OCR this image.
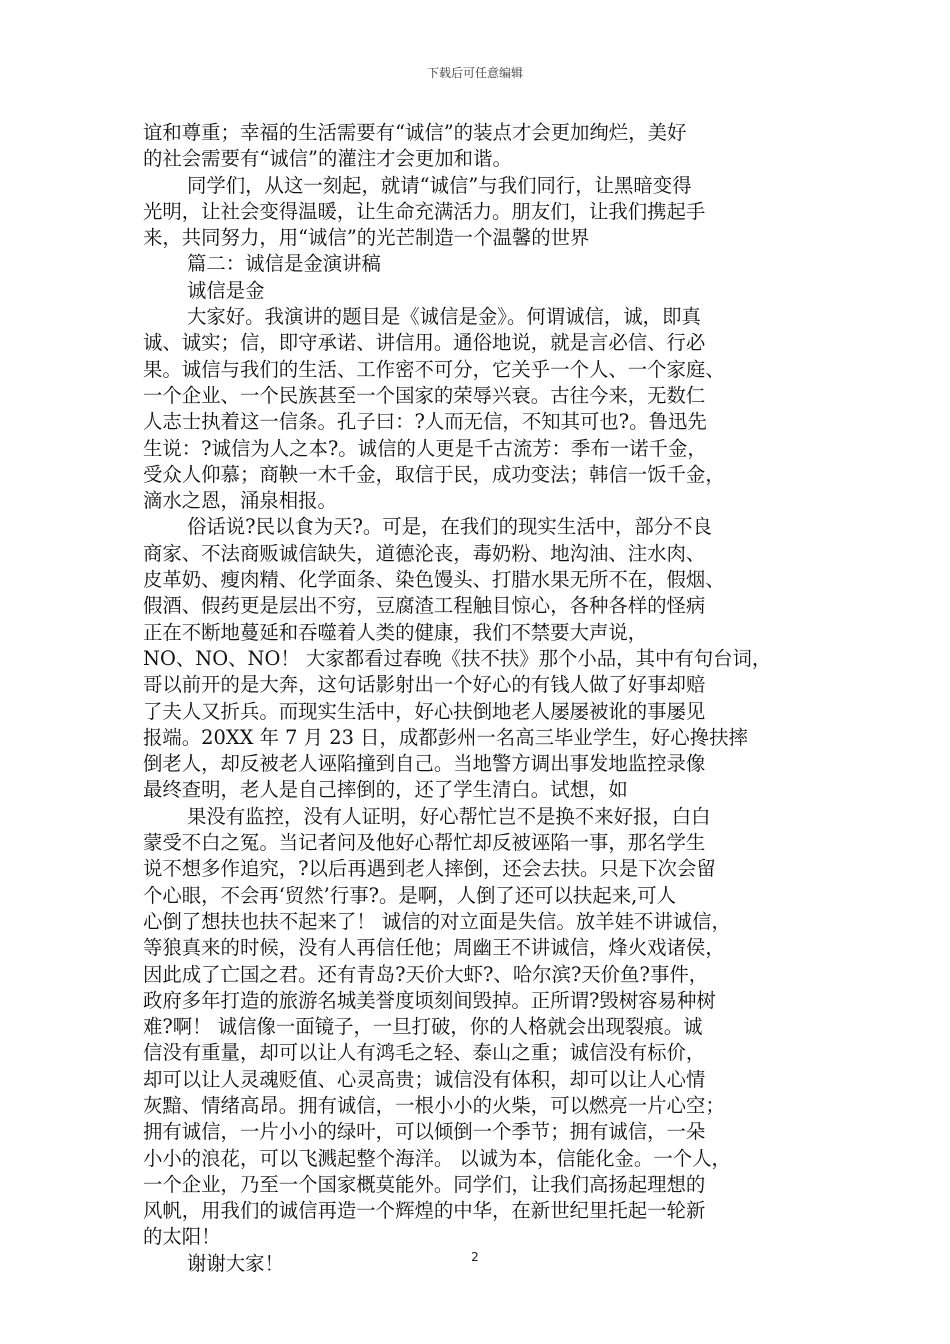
下载后可任意编辑
谊和尊重；幸福的生活需要有“诚信”的装点才会更加绚烂，美好
的社会需要有“诚信”的灌注才会更加和谐。
同学们，从这一刻起，就请“诚信”与我们同行，让黑暗变得
光明，让社会变得温暖，让生命充满活力。朋友们，让我们携起手
来，共同努力，用“诚信”的光芒制造一个温馨的世界
篇二：诚信是金演讲稿
诚信是金
大家好。我演讲的题目是《诚信是金》。何谓诚信，诚，即真
诚、诚实；信，即守承诺、讲信用。通俗地说，就是言必信、行必
果。诚信与我们的生活、工作密不可分，它关乎一个人、一个家庭、
一个企业、一个民族甚至一个国家的荣辱兴衰。古往今来，无数仁
人志士执着这一信条。孔子曰：?人而无信，不知其可也?。鲁迅先
生说：?诚信为人之本?。诚信的人更是千古流芳：季布一诺千金，
受众人仰慕；商鞅一木千金，取信于民，成功变法；韩信一饭千金，
滴水之恩，涌泉相报。
俗话说?民以食为天?。可是，在我们的现实生活中，部分不良
商家、不法商贩诚信缺失，道德沦丧，毒奶粉、地沟油、注水肉、
皮革奶、瘦肉精、化学面条、染色馒头、打腊水果无所不在，假烟、
假酒、假药更是层出不穷，豆腐渣工程触目惊心，各种各样的怪病
正在不断地蔓延和吞噬着人类的健康，我们不禁要大声说，
NO、NO、NO！ 大家都看过春晚《扶不扶》那个小品，其中有句台词，
哥以前开的是大奔，这句话影射出一个好心的有钱人做了好事却赔
了夫人又折兵。而现实生活中，好心扶倒地老人屡屡被讹的事屡见
报端。20XX 年 7 月 23 日，成都彭州一名高三毕业学生，好心搀扶摔
倒老人，却反被老人诬陷撞到自己。当地警方调出事发地监控录像
最终查明，老人是自己摔倒的，还了学生清白。试想，如
果没有监控，没有人证明，好心帮忙岂不是换不来好报，白白
蒙受不白之冤。当记者问及他好心帮忙却反被诬陷一事，那名学生
说不想多作追究，?以后再遇到老人摔倒，还会去扶。只是下次会留
个心眼，不会再‘贸然’行事?。是啊，人倒了还可以扶起来,可人
心倒了想扶也扶不起来了！ 诚信的对立面是失信。放羊娃不讲诚信，
等狼真来的时候，没有人再信任他；周幽王不讲诚信，烽火戏诸侯，
因此成了亡国之君。还有青岛?天价大虾?、哈尔滨?天价鱼?事件，
政府多年打造的旅游名城美誉度顷刻间毁掉。正所谓?毁树容易种树
难?啊！ 诚信像一面镜子，一旦打破，你的人格就会出现裂痕。诚
信没有重量，却可以让人有鸿毛之轻、泰山之重；诚信没有标价，
却可以让人灵魂贬值、心灵高贵；诚信没有体积，却可以让人心情
灰黯、情绪高昂。拥有诚信，一根小小的火柴，可以燃亮一片心空；
拥有诚信，一片小小的绿叶，可以倾倒一个季节；拥有诚信，一朵
小小的浪花，可以飞溅起整个海洋。 以诚为本，信能化金。一个人，
一个企业，乃至一个国家概莫能外。同学们，让我们高扬起理想的
风帆，用我们的诚信再造一个辉煌的中华，在新世纪里托起一轮新
的太阳！
谢谢大家！	2
